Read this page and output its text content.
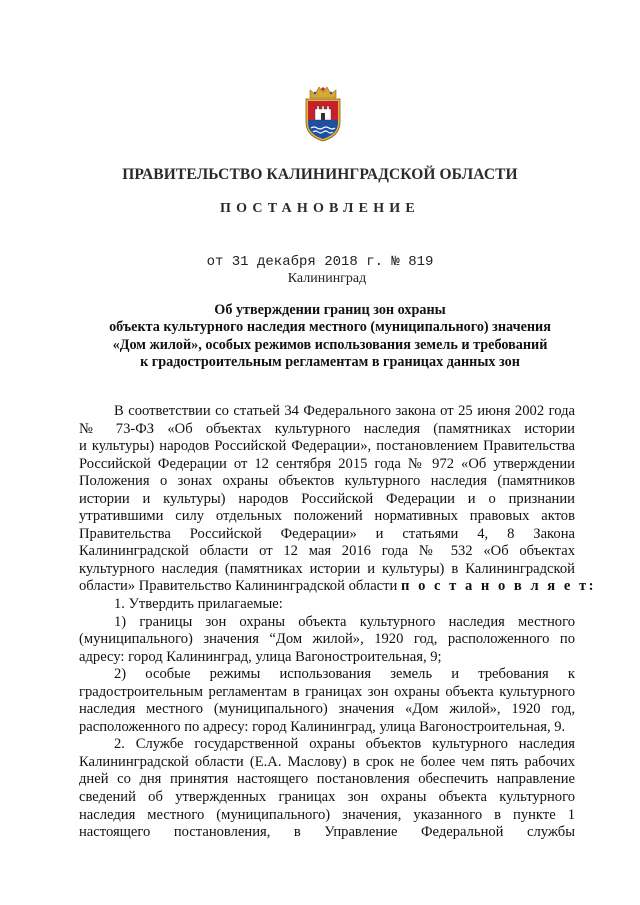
ПРАВИТЕЛЬСТВО КАЛИНИНГРАДСКОЙ ОБЛАСТИ
ПОСТАНОВЛЕНИЕ
от 31 декабря 2018 г. № 819
Калининград
Об утверждении границ зон охраны
объекта культурного наследия местного (муниципального) значения
«Дом жилой», особых режимов использования земель и требований
к градостроительным регламентам в границах данных зон
В соответствии со статьей 34 Федерального закона от 25 июня 2002 года
№ 73-ФЗ «Об объектах культурного наследия (памятниках истории
и культуры) народов Российской Федерации», постановлением Правительства
Российской Федерации от 12 сентября 2015 года № 972 «Об утверждении
Положения о зонах охраны объектов культурного наследия (памятников
истории и культуры) народов Российской Федерации и о признании
утратившими силу отдельных положений нормативных правовых актов
Правительства Российской Федерации» и статьями 4, 8 Закона
Калининградской области от 12 мая 2016 года № 532 «Об объектах
культурного наследия (памятниках истории и культуры) в Калининградской
области» Правительство Калининградской области п о с т а н о в л я е т:
1. Утвердить прилагаемые:
1) границы зон охраны объекта культурного наследия местного
(муниципального) значения “Дом жилой», 1920 год, расположенного по
адресу: город Калининград, улица Вагоностроительная, 9;
2) особые режимы использования земель и требования к
градостроительным регламентам в границах зон охраны объекта культурного
наследия местного (муниципального) значения «Дом жилой», 1920 год,
расположенного по адресу: город Калининград, улица Вагоностроительная, 9.
2. Службе государственной охраны объектов культурного наследия
Калининградской области (Е.А. Маслову) в срок не более чем пять рабочих
дней со дня принятия настоящего постановления обеспечить направление
сведений об утвержденных границах зон охраны объекта культурного
наследия местного (муниципального) значения, указанного в пункте 1
настоящего постановления, в Управление Федеральной службы
